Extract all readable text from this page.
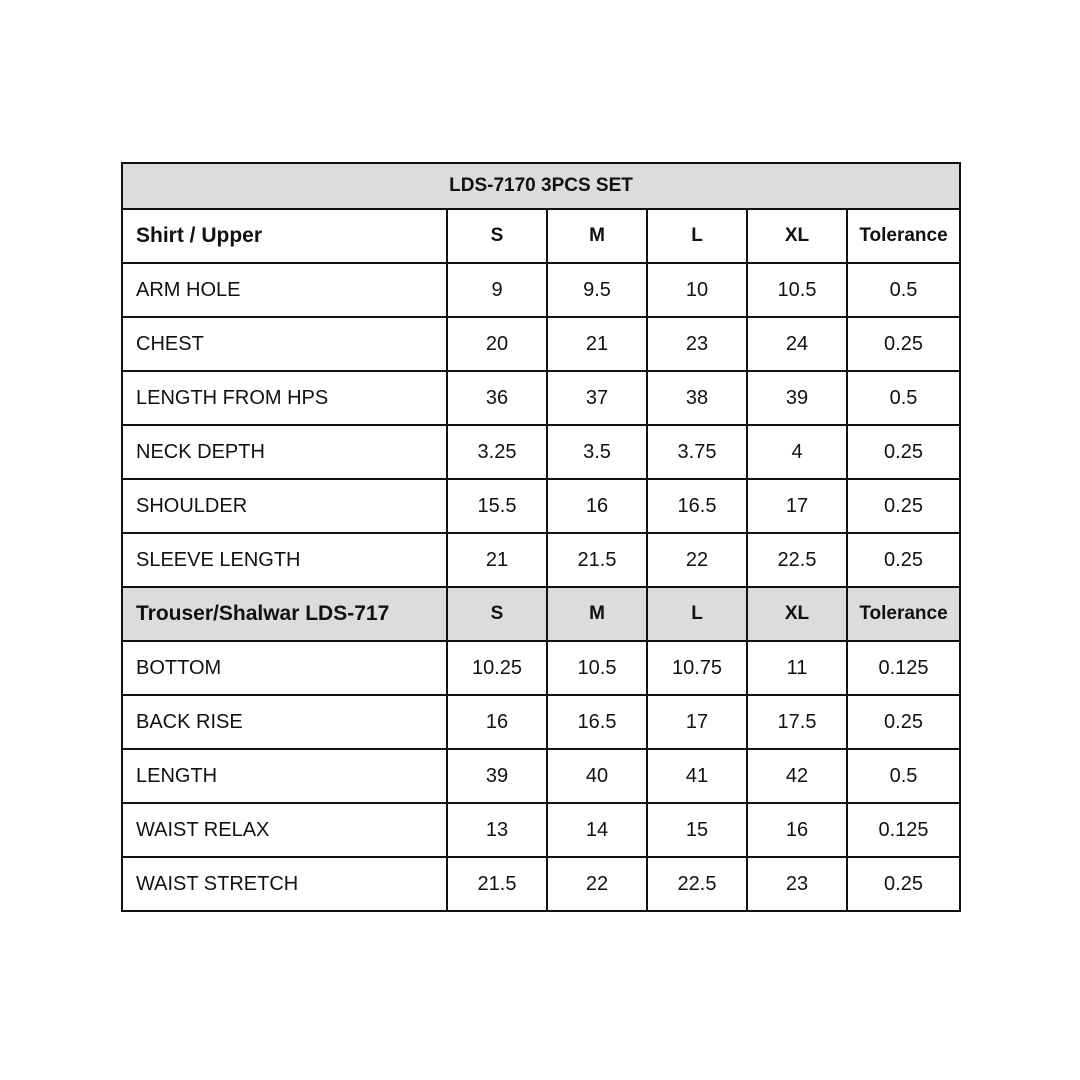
LDS-7170 3PCS SET					
Shirt / Upper	S	M	L	XL	Tolerance
ARM HOLE	9	9.5	10	10.5	0.5
CHEST	20	21	23	24	0.25
LENGTH FROM HPS	36	37	38	39	0.5
NECK DEPTH	3.25	3.5	3.75	4	0.25
SHOULDER	15.5	16	16.5	17	0.25
SLEEVE LENGTH	21	21.5	22	22.5	0.25
Trouser/Shalwar LDS-717	S	M	L	XL	Tolerance
BOTTOM	10.25	10.5	10.75	11	0.125
BACK RISE	16	16.5	17	17.5	0.25
LENGTH	39	40	41	42	0.5
WAIST RELAX	13	14	15	16	0.125
WAIST STRETCH	21.5	22	22.5	23	0.25
